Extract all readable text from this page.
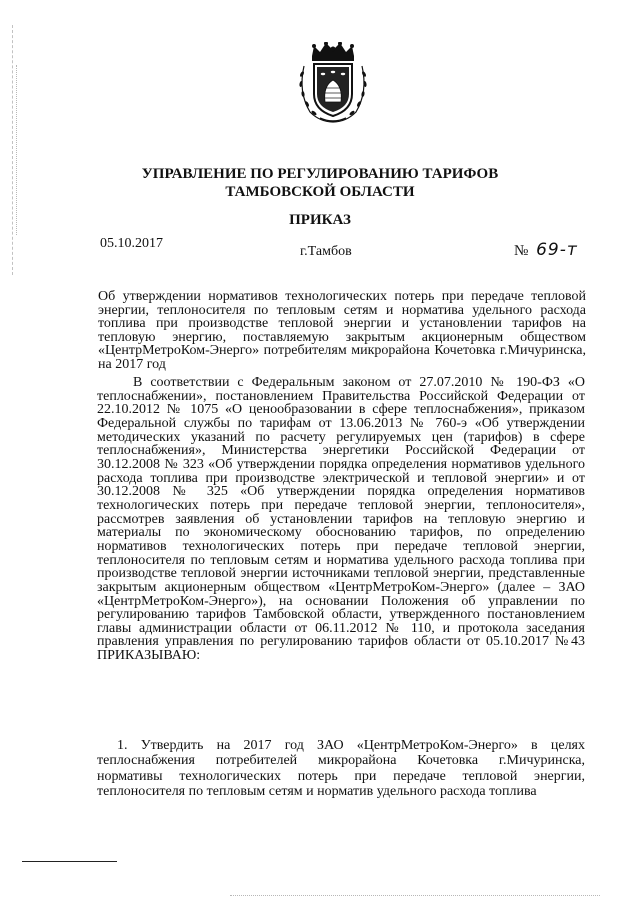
УПРАВЛЕНИЕ ПО РЕГУЛИРОВАНИЮ ТАРИФОВ
ТАМБОВСКОЙ ОБЛАСТИ
ПРИКАЗ
05.10.2017
г.Тамбов	№ 69-т
Об утверждении нормативов технологических потерь при передаче тепловой энергии, теплоносителя по тепловым сетям и норматива удельного расхода топлива при производстве тепловой энергии и установлении тарифов на тепловую энергию, поставляемую закрытым акционерным обществом «ЦентрМетроКом-Энерго» потребителям микрорайона Кочетовка г.Мичуринска, на 2017 год

В соответствии с Федеральным законом от 27.07.2010 № 190-ФЗ «О теплоснабжении», постановлением Правительства Российской Федерации от 22.10.2012 № 1075 «О ценообразовании в сфере теплоснабжения», приказом Федеральной службы по тарифам от 13.06.2013 № 760-э «Об утверждении методических указаний по расчету регулируемых цен (тарифов) в сфере теплоснабжения», Министерства энергетики Российской Федерации от 30.12.2008 № 323 «Об утверждении порядка определения нормативов удельного расхода топлива при производстве электрической и тепловой энергии» и от 30.12.2008 № 325 «Об утверждении порядка определения нормативов технологических потерь при передаче тепловой энергии, теплоносителя», рассмотрев заявления об установлении тарифов на тепловую энергию и материалы по экономическому обоснованию тарифов, по определению нормативов технологических потерь при передаче тепловой энергии, теплоносителя по тепловым сетям и норматива удельного расхода топлива при производстве тепловой энергии источниками тепловой энергии, представленные закрытым акционерным обществом «ЦентрМетроКом-Энерго» (далее – ЗАО «ЦентрМетроКом-Энерго»), на основании Положения об управлении по регулированию тарифов Тамбовской области, утвержденного постановлением главы администрации области от 06.11.2012 № 110, и протокола заседания правления управления по регулированию тарифов области от 05.10.2017 №43 ПРИКАЗЫВАЮ:

1. Утвердить на 2017 год ЗАО «ЦентрМетроКом-Энерго» в целях теплоснабжения потребителей микрорайона Кочетовка г.Мичуринска, нормативы технологических потерь при передаче тепловой энергии, теплоносителя по тепловым сетям и норматив удельного расхода топлива
